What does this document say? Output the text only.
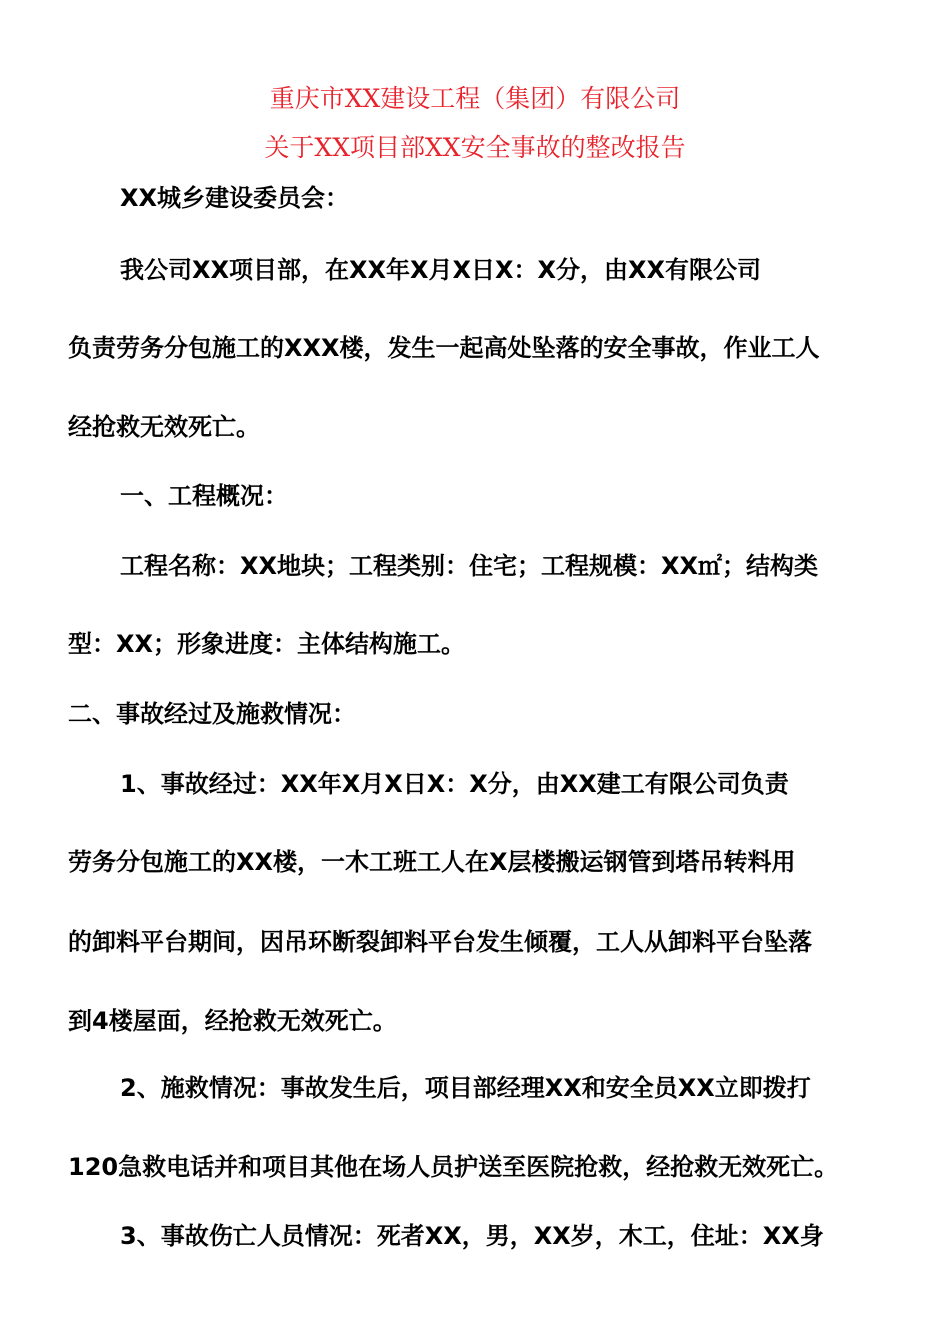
重庆市XX建设工程（集团）有限公司
关于XX项目部XX安全事故的整改报告
XX城乡建设委员会：
我公司XX项目部，在XX年X月X日X：X分，由XX有限公司
负责劳务分包施工的XXX楼，发生一起高处坠落的安全事故，作业工人
经抢救无效死亡。
一、工程概况：
工程名称：XX地块；工程类别：住宅；工程规模：XX㎡；结构类
型：XX；形象进度：主体结构施工。
二、事故经过及施救情况：
1、事故经过：XX年X月X日X：X分，由XX建工有限公司负责
劳务分包施工的XX楼，一木工班工人在X层楼搬运钢管到塔吊转料用
的卸料平台期间，因吊环断裂卸料平台发生倾覆，工人从卸料平台坠落
到4楼屋面，经抢救无效死亡。
2、施救情况：事故发生后，项目部经理XX和安全员XX立即拨打
120急救电话并和项目其他在场人员护送至医院抢救，经抢救无效死亡。
3、事故伤亡人员情况：死者XX，男，XX岁，木工，住址：XX身
